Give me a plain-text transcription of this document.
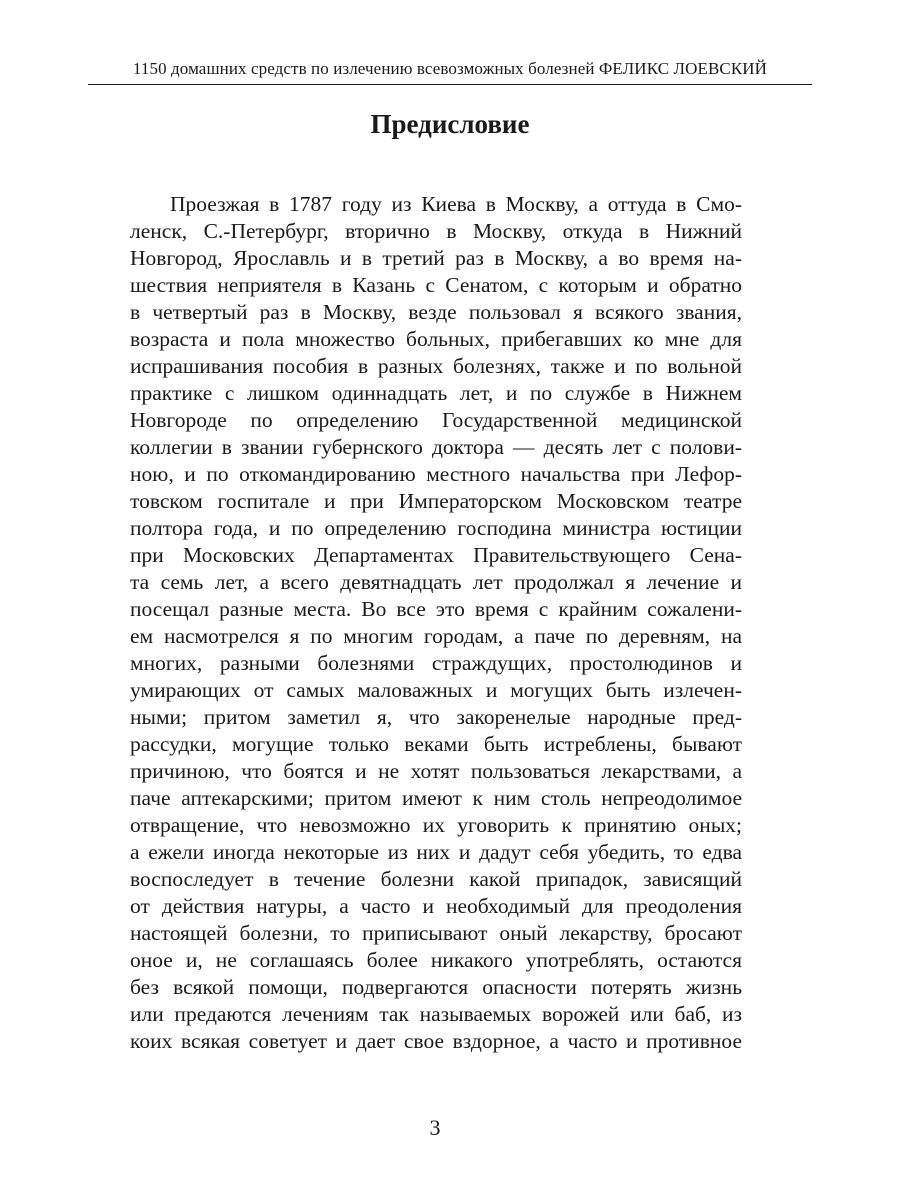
1150 домашних средств по излечению всевозможных болезней ФЕЛИКС ЛОЕВСКИЙ
Предисловие
Проезжая в 1787 году из Киева в Москву, а оттуда в Смо-
ленск, С.-Петербург, вторично в Москву, откуда в Нижний
Новгород, Ярославль и в третий раз в Москву, а во время на-
шествия неприятеля в Казань с Сенатом, с которым и обратно
в четвертый раз в Москву, везде пользовал я всякого звания,
возраста и пола множество больных, прибегавших ко мне для
испрашивания пособия в разных болезнях, также и по вольной
практике с лишком одиннадцать лет, и по службе в Нижнем
Новгороде по определению Государственной медицинской
коллегии в звании губернского доктора — десять лет с полови-
ною, и по откомандированию местного начальства при Лефор-
товском госпитале и при Императорском Московском театре
полтора года, и по определению господина министра юстиции
при Московских Департаментах Правительствующего Сена-
та семь лет, а всего девятнадцать лет продолжал я лечение и
посещал разные места. Во все это время с крайним сожалени-
ем насмотрелся я по многим городам, а паче по деревням, на
многих, разными болезнями страждущих, простолюдинов и
умирающих от самых маловажных и могущих быть излечен-
ными; притом заметил я, что закоренелые народные пред-
рассудки, могущие только веками быть истреблены, бывают
причиною, что боятся и не хотят пользоваться лекарствами, а
паче аптекарскими; притом имеют к ним столь непреодолимое
отвращение, что невозможно их уговорить к принятию оных;
а ежели иногда некоторые из них и дадут себя убедить, то едва
воспоследует в течение болезни какой припадок, зависящий
от действия натуры, а часто и необходимый для преодоления
настоящей болезни, то приписывают оный лекарству, бросают
оное и, не соглашаясь более никакого употреблять, остаются
без всякой помощи, подвергаются опасности потерять жизнь
или предаются лечениям так называемых ворожей или баб, из
коих всякая советует и дает свое вздорное, а часто и противное
3
